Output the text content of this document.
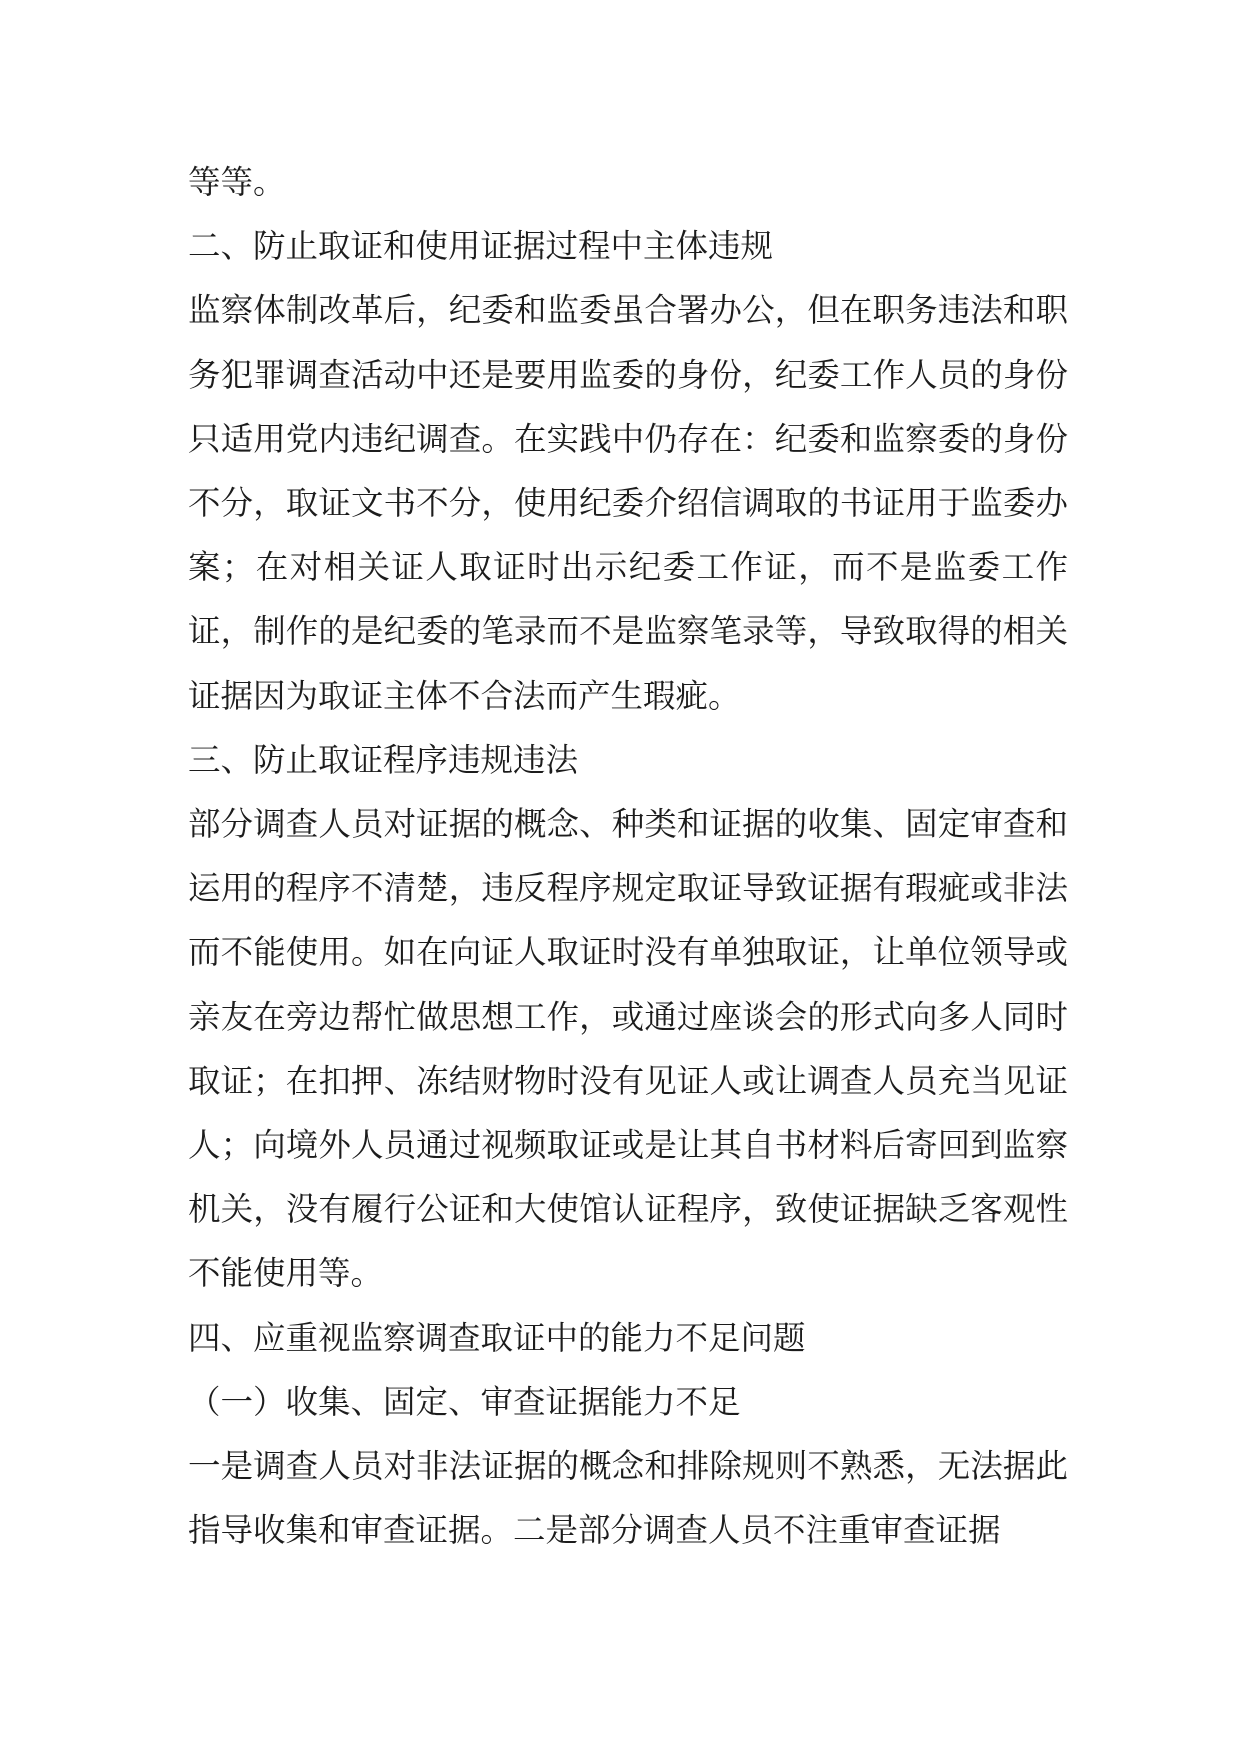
等等。

二、防止取证和使用证据过程中主体违规

监察体制改革后，纪委和监委虽合署办公，但在职务违法和职务犯罪调查活动中还是要用监委的身份，纪委工作人员的身份只适用党内违纪调查。在实践中仍存在：纪委和监察委的身份不分，取证文书不分，使用纪委介绍信调取的书证用于监委办案；在对相关证人取证时出示纪委工作证，而不是监委工作证，制作的是纪委的笔录而不是监察笔录等，导致取得的相关证据因为取证主体不合法而产生瑕疵。

三、防止取证程序违规违法

部分调查人员对证据的概念、种类和证据的收集、固定审查和运用的程序不清楚，违反程序规定取证导致证据有瑕疵或非法而不能使用。如在向证人取证时没有单独取证，让单位领导或亲友在旁边帮忙做思想工作，或通过座谈会的形式向多人同时取证；在扣押、冻结财物时没有见证人或让调查人员充当见证人；向境外人员通过视频取证或是让其自书材料后寄回到监察机关，没有履行公证和大使馆认证程序，致使证据缺乏客观性不能使用等。

四、应重视监察调查取证中的能力不足问题

（一）收集、固定、审查证据能力不足

一是调查人员对非法证据的概念和排除规则不熟悉，无法据此指导收集和审查证据。二是部分调查人员不注重审查证据
